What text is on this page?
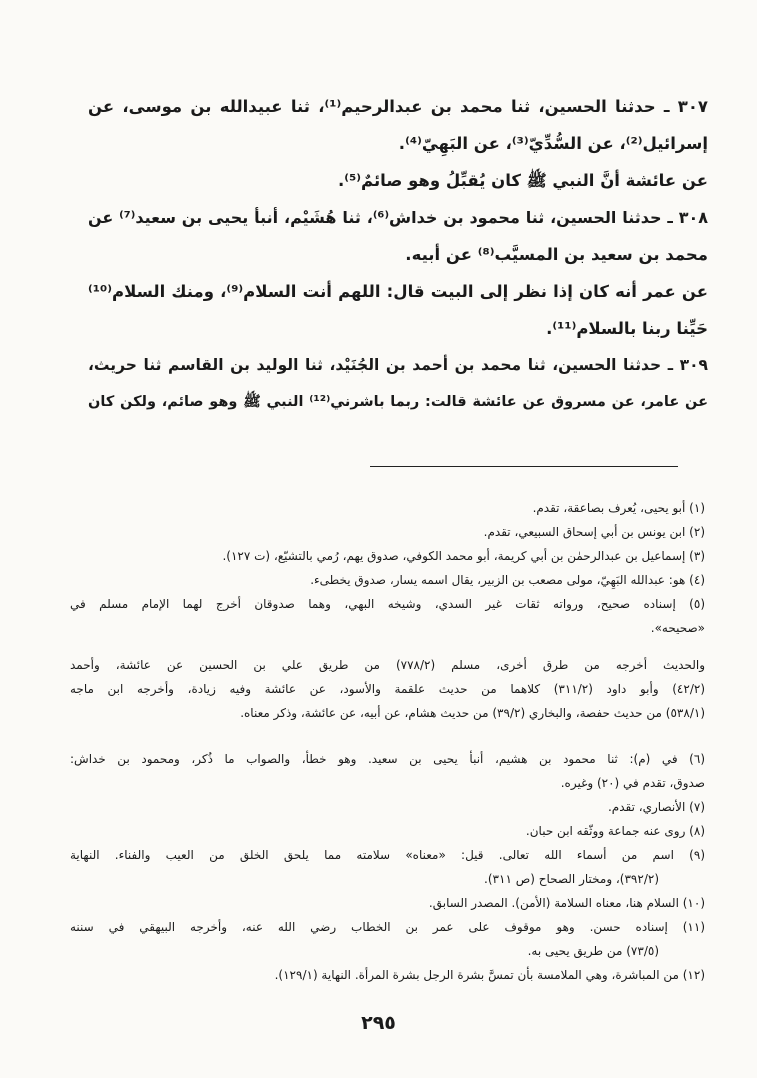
٣٠٧ ـ حدثنا الحسين، ثنا محمد بن عبدالرحيم⁽¹⁾، ثنا عبيدالله بن موسى، عن
إسرائيل⁽²⁾، عن السُّدِّيّ⁽³⁾، عن البَهِيّ⁽⁴⁾.
عن عائشة أنَّ النبي ﷺ كان يُقبِّلُ وهو صائمٌ⁽⁵⁾.
٣٠٨ ـ حدثنا الحسين، ثنا محمود بن خداش⁽⁶⁾، ثنا هُشَيْم، أنبأ يحيى بن سعيد⁽⁷⁾ عن
محمد بن سعيد بن المسيَّب⁽⁸⁾ عن أبيه.
عن عمر أنه كان إذا نظر إلى البيت قال: اللهم أنت السلام⁽⁹⁾، ومنك السلام⁽¹⁰⁾
حَيِّنا ربنا بالسلام⁽¹¹⁾.
٣٠٩ ـ حدثنا الحسين، ثنا محمد بن أحمد بن الجُنَيْد، ثنا الوليد بن القاسم ثنا حريث،
عن عامر، عن مسروق عن عائشة قالت: ربما باشرني⁽¹²⁾ النبي ﷺ وهو صائم، ولكن كان
(١) أبو يحيى، يُعرف بصاعقة، تقدم.
(٢) ابن يونس بن أبي إسحاق السبيعي، تقدم.
(٣) إسماعيل بن عبدالرحمٰن بن أبي كريمة، أبو محمد الكوفي، صدوق يهم، رُمي بالتشيّع، (ت ١٢٧).
(٤) هو: عبدالله البَهِيّ، مولى مصعب بن الزبير، يقال اسمه يسار، صدوق يخطىء.
(٥) إسناده صحيح، ورواته ثقات غير السدي، وشيخه البهي، وهما صدوقان أخرج لهما الإمام مسلم في
«صحيحه».
والحديث أخرجه من طرق أخرى، مسلم (٧٧٨/٢) من طريق علي بن الحسين عن عائشة، وأحمد
(٤٢/٢) وأبو داود (٣١١/٢) كلاهما من حديث علقمة والأسود، عن عائشة وفيه زيادة، وأخرجه ابن ماجه
(٥٣٨/١) من حديث حفصة، والبخاري (٣٩/٢) من حديث هشام، عن أبيه، عن عائشة، وذكر معناه.
(٦) في (م): ثنا محمود بن هشيم، أنبأ يحيى بن سعيد. وهو خطأ، والصواب ما ذُكر، ومحمود بن خداش:
صدوق، تقدم في (٢٠) وغيره.
(٧) الأنصاري، تقدم.
(٨) روى عنه جماعة ووثّقه ابن حبان.
(٩) اسم من أسماء الله تعالى. قيل: «معناه» سلامته مما يلحق الخلق من العيب والفناء. النهاية
(٣٩٢/٢)، ومختار الصحاح (ص ٣١١).
(١٠) السلام هنا، معناه السلامة (الأمن). المصدر السابق.
(١١) إسناده حسن. وهو موقوف على عمر بن الخطاب رضي الله عنه، وأخرجه البيهقي في سننه
(٧٣/٥) من طريق يحيى به.
(١٢) من المباشرة، وهي الملامسة بأن تمسَّ بشرة الرجل بشرة المرأة. النهاية (١٢٩/١).
٢٩٥
